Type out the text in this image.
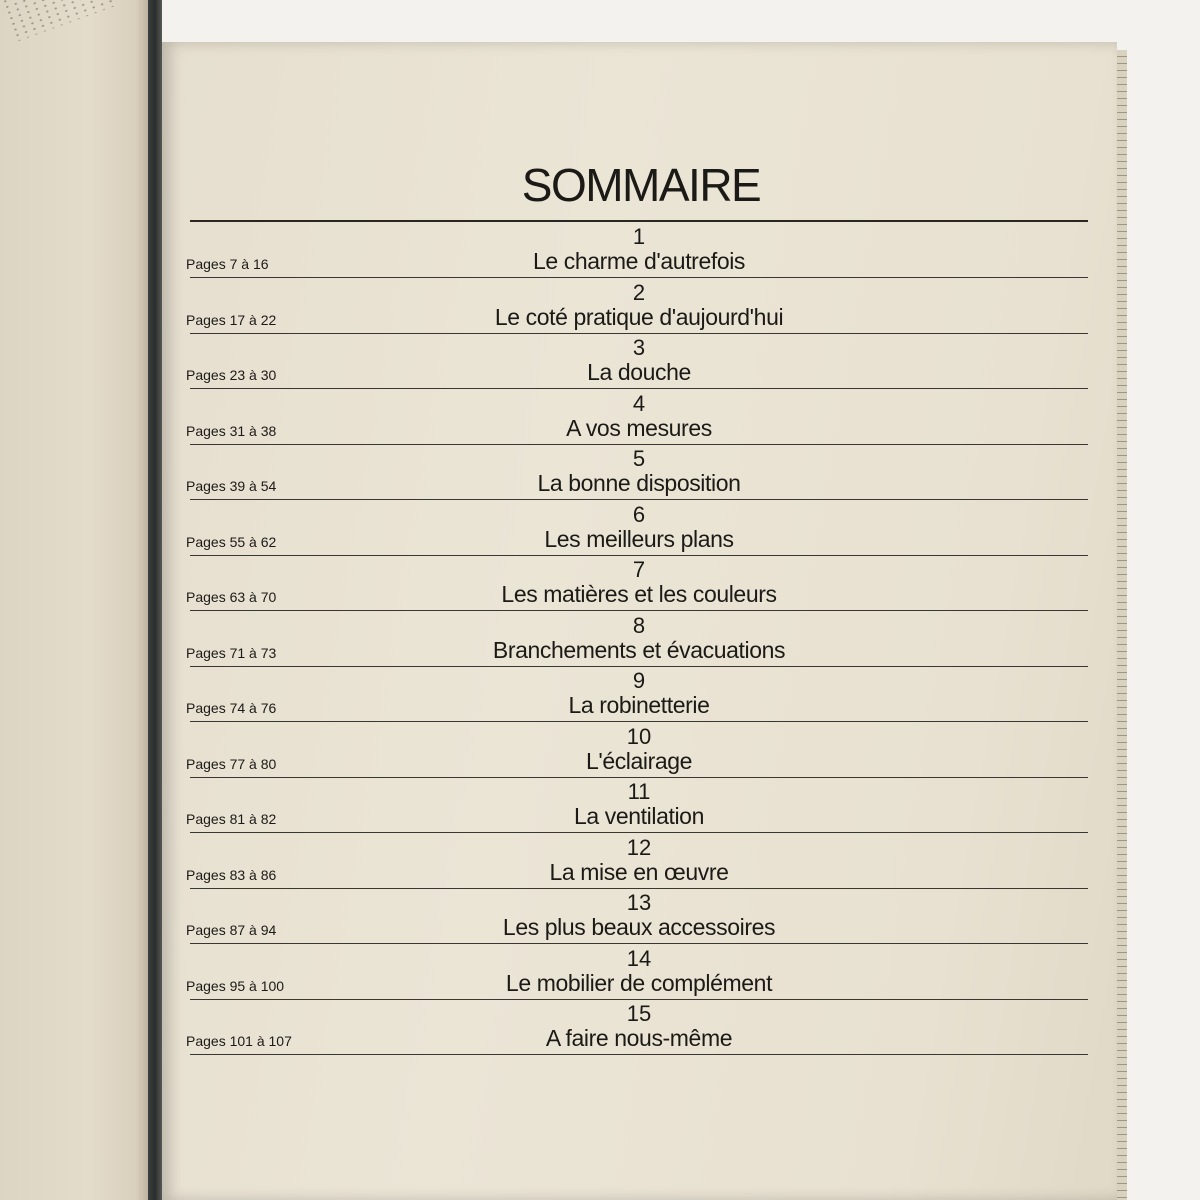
SOMMAIRE
1
Le charme d'autrefois
Pages 7 à 16
2
Le coté pratique d'aujourd'hui
Pages 17 à 22
3
La douche
Pages 23 à 30
4
A vos mesures
Pages 31 à 38
5
La bonne disposition
Pages 39 à 54
6
Les meilleurs plans
Pages 55 à 62
7
Les matières et les couleurs
Pages 63 à 70
8
Branchements et évacuations
Pages 71 à 73
9
La robinetterie
Pages 74 à 76
10
L'éclairage
Pages 77 à 80
11
La ventilation
Pages 81 à 82
12
La mise en œuvre
Pages 83 à 86
13
Les plus beaux accessoires
Pages 87 à 94
14
Le mobilier de complément
Pages 95 à 100
15
A faire nous-même
Pages 101 à 107
